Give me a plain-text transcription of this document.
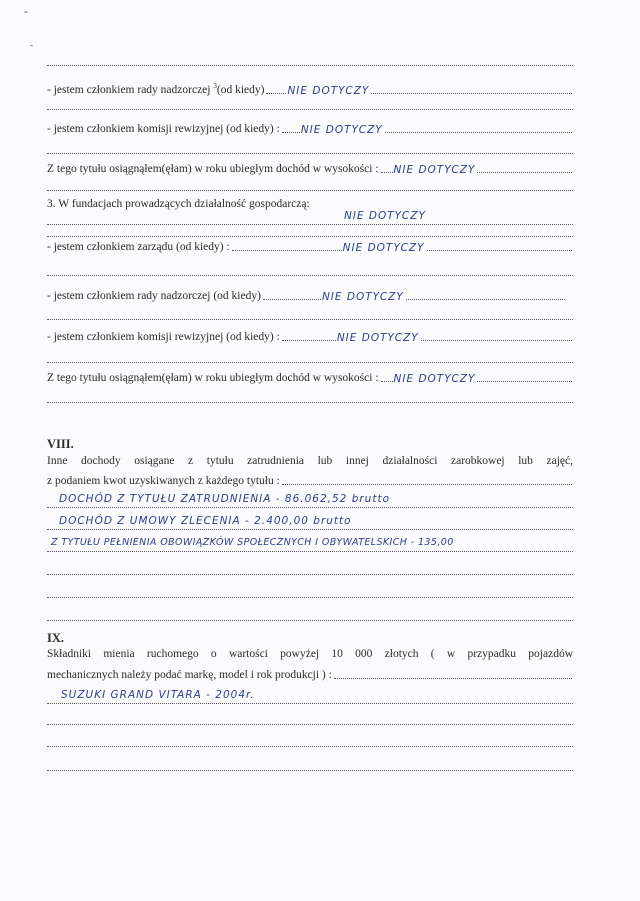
-
-
- jestem członkiem rady nadzorczej $^3$(od kiedy) NIE DOTYCZY
- jestem członkiem komisji rewizyjnej (od kiedy) : NIE DOTYCZY
Z tego tytułu osiągnąłem(ęłam) w roku ubiegłym dochód w wysokości : NIE DOTYCZY
3. W fundacjach prowadzących działalność gospodarczą:
NIE DOTYCZY
- jestem członkiem zarządu (od kiedy) :	NIE DOTYCZY
- jestem członkiem rady nadzorczej (od kiedy)	NIE DOTYCZY
- jestem członkiem komisji rewizyjnej (od kiedy) :	NIE DOTYCZY
Z tego tytułu osiągnąłem(ęłam) w roku ubiegłym dochód w wysokości : NIE DOTYCZY
VIII.
Inne dochody osiągane z tytułu zatrudnienia lub innej działalności zarobkowej lub zajęć,
z podaniem kwot uzyskiwanych z każdego tytułu :
DOCHÓD Z TYTUŁU ZATRUDNIENIA - 86.062,52 brutto
DOCHÓD Z UMOWY ZLECENIA - 2.400,00 brutto
Z TYTUŁU PEŁNIENIA OBOWIĄZKÓW SPOŁECZNYCH I OBYWATELSKICH - 135,00
IX.
Składniki mienia ruchomego o wartości powyżej 10 000 złotych ( w przypadku pojazdów
mechanicznych należy podać markę, model i rok produkcji ) :
SUZUKI GRAND VITARA - 2004r.
